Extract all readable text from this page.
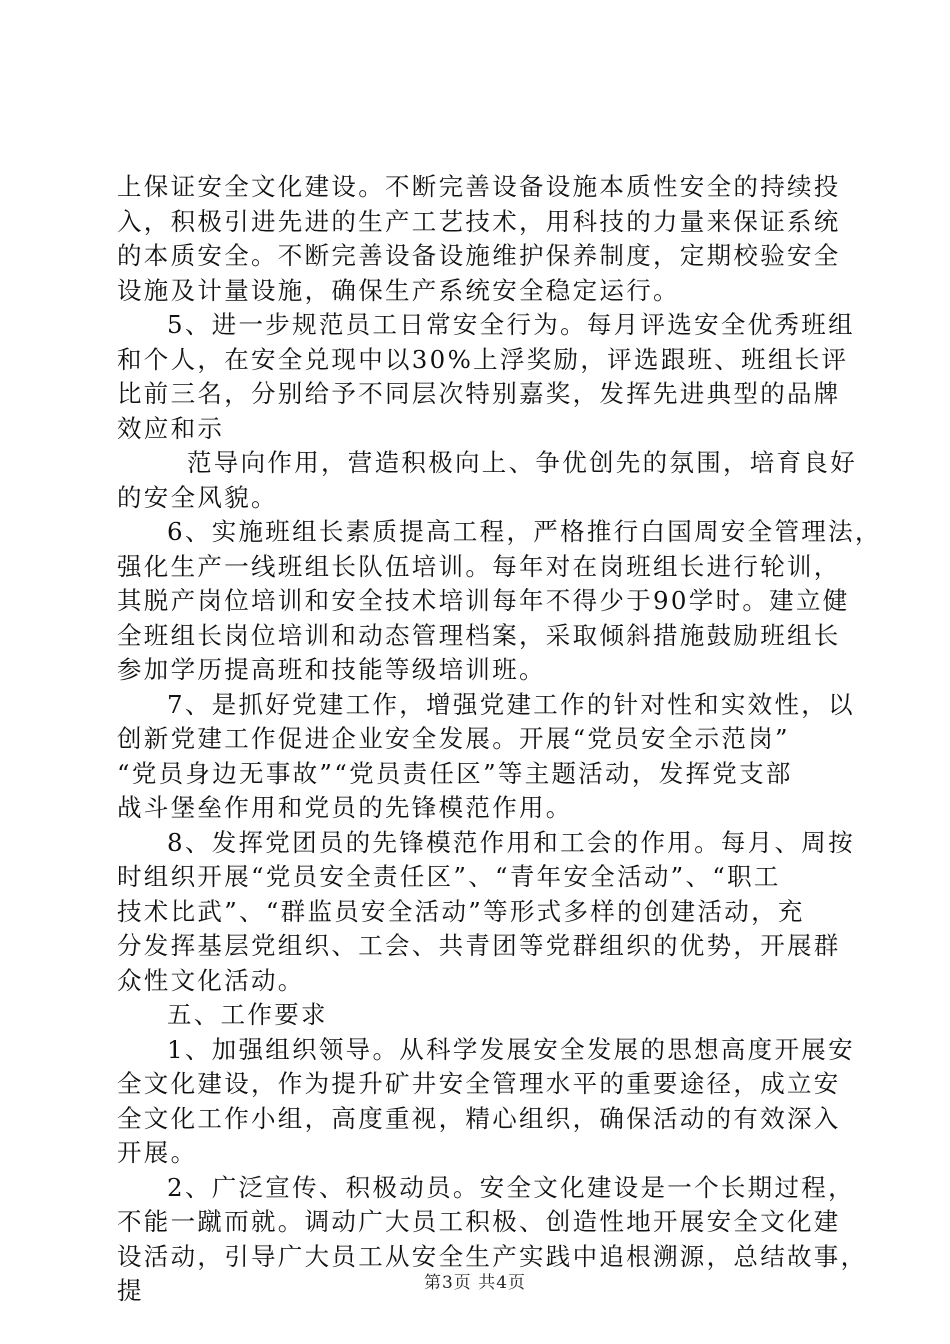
上保证安全文化建设。不断完善设备设施本质性安全的持续投
入，积极引进先进的生产工艺技术，用科技的力量来保证系统
的本质安全。不断完善设备设施维护保养制度，定期校验安全
设施及计量设施，确保生产系统安全稳定运行。
5、进一步规范员工日常安全行为。每月评选安全优秀班组
和个人，在安全兑现中以30%上浮奖励，评选跟班、班组长评
比前三名，分别给予不同层次特别嘉奖，发挥先进典型的品牌
效应和示
范导向作用，营造积极向上、争优创先的氛围，培育良好
的安全风貌。
6、实施班组长素质提高工程，严格推行白国周安全管理法，
强化生产一线班组长队伍培训。每年对在岗班组长进行轮训，
其脱产岗位培训和安全技术培训每年不得少于90学时。建立健
全班组长岗位培训和动态管理档案，采取倾斜措施鼓励班组长
参加学历提高班和技能等级培训班。
7、是抓好党建工作，增强党建工作的针对性和实效性，以
创新党建工作促进企业安全发展。开展“党员安全示范岗”
“党员身边无事故”“党员责任区”等主题活动，发挥党支部
战斗堡垒作用和党员的先锋模范作用。
8、发挥党团员的先锋模范作用和工会的作用。每月、周按
时组织开展“党员安全责任区”、“青年安全活动”、“职工
技术比武”、“群监员安全活动”等形式多样的创建活动，充
分发挥基层党组织、工会、共青团等党群组织的优势，开展群
众性文化活动。
五、工作要求
1、加强组织领导。从科学发展安全发展的思想高度开展安
全文化建设，作为提升矿井安全管理水平的重要途径，成立安
全文化工作小组，高度重视，精心组织，确保活动的有效深入
开展。
2、广泛宣传、积极动员。安全文化建设是一个长期过程，
不能一蹴而就。调动广大员工积极、创造性地开展安全文化建
设活动，引导广大员工从安全生产实践中追根溯源，总结故事，
提	第3页 共4页
